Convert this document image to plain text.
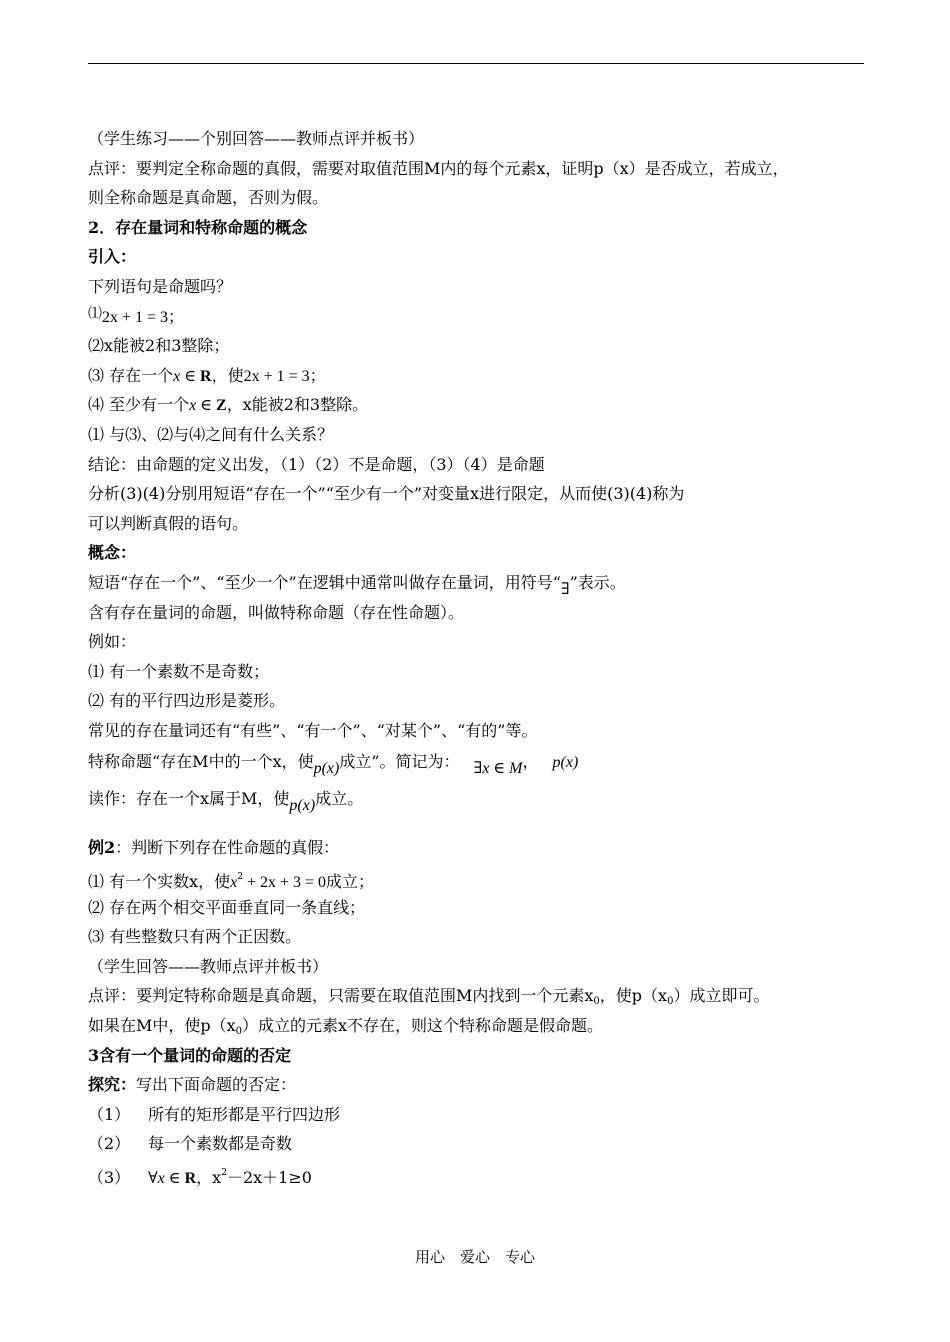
（学生练习——个别回答——教师点评并板书）
点评：要判定全称命题的真假，需要对取值范围M内的每个元素x，证明p（x）是否成立，若成立，
则全称命题是真命题，否则为假。
2．存在量词和特称命题的概念
引入：
下列语句是命题吗？
⑴2x + 1 = 3；
⑵x能被2和3整除；
⑶ 存在一个x ∈ R，使2x + 1 = 3；
⑷ 至少有一个x ∈ Z，x能被2和3整除。
⑴ 与⑶、⑵与⑷之间有什么关系？
结论：由命题的定义出发，（1）（2）不是命题，（3）（4）是命题
分析(3)(4)分别用短语“存在一个”“至少有一个”对变量x进行限定，从而使(3)(4)称为
可以判断真假的语句。
概念：
短语“存在一个”、“至少一个”在逻辑中通常叫做存在量词，用符号“∃”表示。
含有存在量词的命题，叫做特称命题（存在性命题）。
例如：
⑴ 有一个素数不是奇数；
⑵ 有的平行四边形是菱形。
常见的存在量词还有“有些”、“有一个”、“对某个”、“有的”等。
特称命题“存在M中的一个x，使p(x)成立”。简记为： ∃x ∈ M， p(x)
读作：存在一个x属于M，使p(x)成立。
例2：判断下列存在性命题的真假：
⑴ 有一个实数x，使$x^2 + 2x + 3 = 0$成立；
⑵ 存在两个相交平面垂直同一条直线；
⑶ 有些整数只有两个正因数。
（学生回答——教师点评并板书）
点评：要判定特称命题是真命题，只需要在取值范围M内找到一个元素$x_0$，使$p(x_0)$成立即可。
如果在M中，使$p(x_0)$成立的元素x不存在，则这个特称命题是假命题。
3含有一个量词的命题的否定
探究：写出下面命题的否定：
（1） 所有的矩形都是平行四边形
（2） 每一个素数都是奇数
（3） ∀x ∈ R，$x^2-2x+1\ge 0$
用心　爱心　专心
